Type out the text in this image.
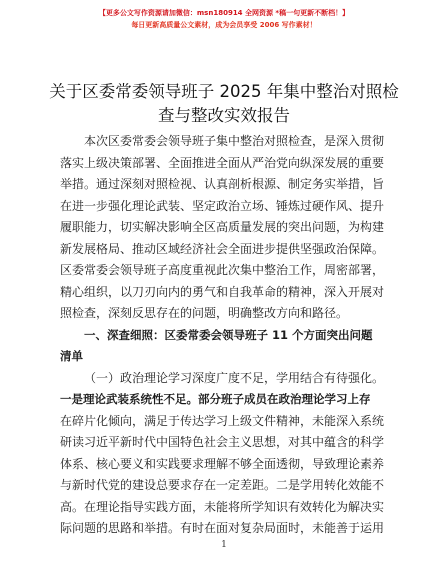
【更多公文写作资源请加微信：msn180914 全网资源 *稿一句更新不断档！】
每日更新高质量公文素材，成为会员享受 2006 写作素材！
关于区委常委领导班子 2025 年集中整治对照检
查与整改实效报告
本次区委常委会领导班子集中整治对照检查，是深入贯彻
落实上级决策部署、全面推进全面从严治党向纵深发展的重要
举措。通过深刻对照检视、认真剖析根源、制定务实举措，旨
在进一步强化理论武装、坚定政治立场、锤炼过硬作风、提升
履职能力，切实解决影响全区高质量发展的突出问题，为构建
新发展格局、推动区域经济社会全面进步提供坚强政治保障。
区委常委会领导班子高度重视此次集中整治工作，周密部署，
精心组织，以刀刃向内的勇气和自我革命的精神，深入开展对
照检查，深刻反思存在的问题，明确整改方向和路径。
一、深查细照：区委常委会领导班子 11 个方面突出问题
清单
（一）政治理论学习深度广度不足，学用结合有待强化。
一是理论武装系统性不足。部分班子成员在政治理论学习上存
在碎片化倾向，满足于传达学习上级文件精神，未能深入系统
研读习近平新时代中国特色社会主义思想，对其中蕴含的科学
体系、核心要义和实践要求理解不够全面透彻，导致理论素养
与新时代党的建设总要求存在一定差距。二是学用转化效能不
高。在理论指导实践方面，未能将所学知识有效转化为解决实
际问题的思路和举措。有时在面对复杂局面时，未能善于运用
1
